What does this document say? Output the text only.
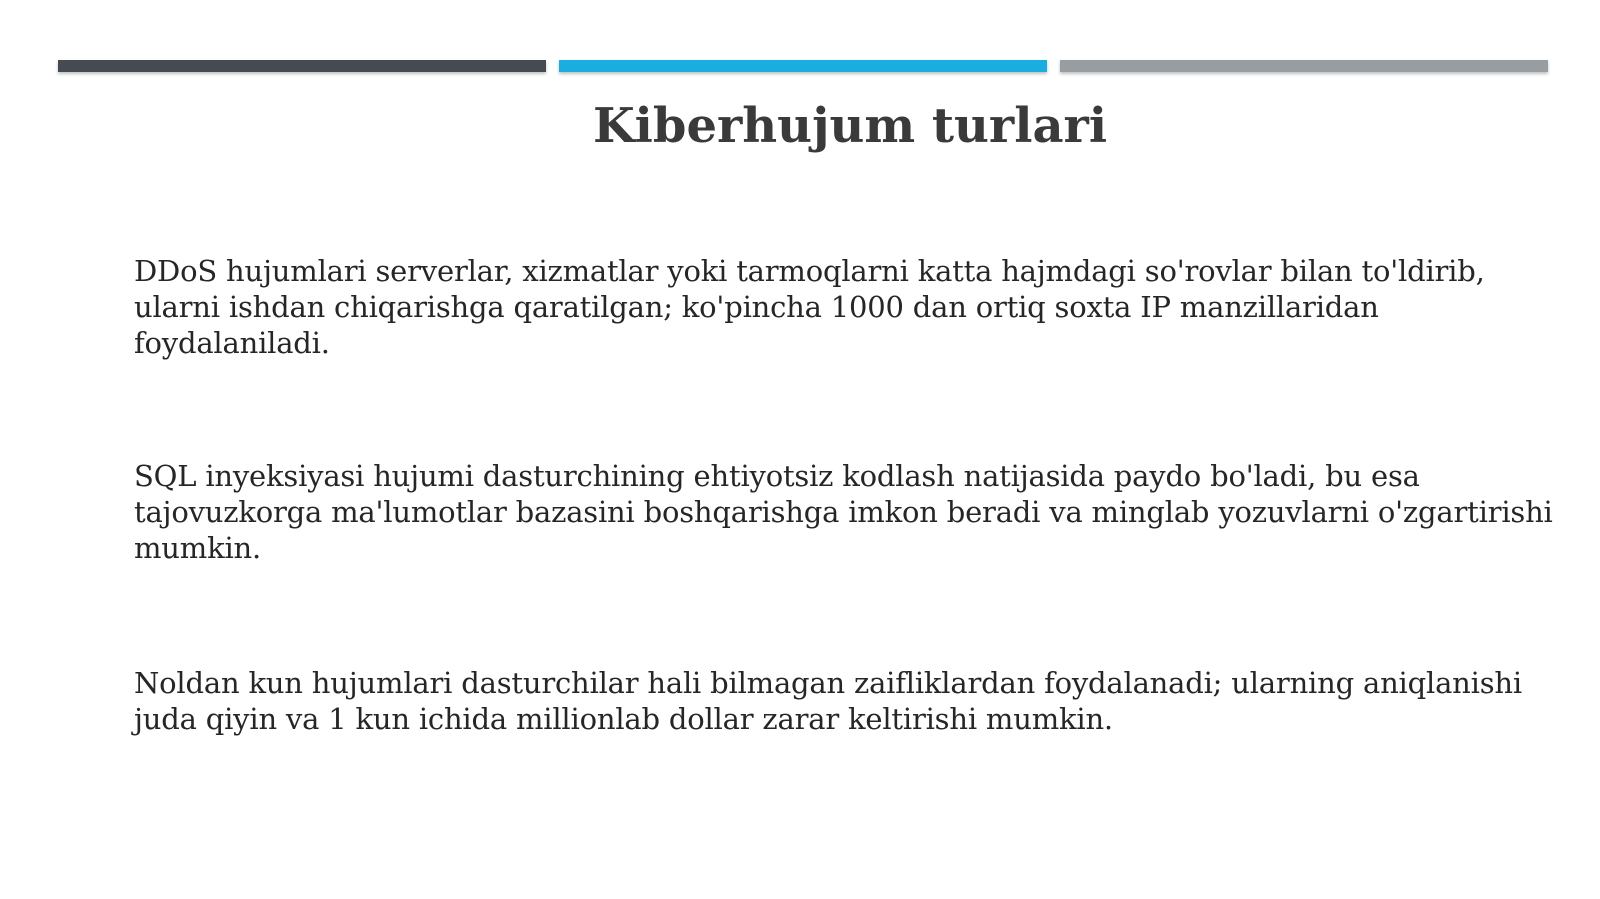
Kiberhujum turlari

DDoS hujumlari serverlar, xizmatlar yoki tarmoqlarni katta hajmdagi so'rovlar bilan to'ldirib, ularni ishdan chiqarishga qaratilgan; ko'pincha 1000 dan ortiq soxta IP manzillaridan foydalaniladi.

SQL inyeksiyasi hujumi dasturchining ehtiyotsiz kodlash natijasida paydo bo'ladi, bu esa tajovuzkorga ma'lumotlar bazasini boshqarishga imkon beradi va minglab yozuvlarni o'zgartirishi mumkin.

Noldan kun hujumlari dasturchilar hali bilmagan zaifliklardan foydalanadi; ularning aniqlanishi juda qiyin va 1 kun ichida millionlab dollar zarar keltirishi mumkin.
